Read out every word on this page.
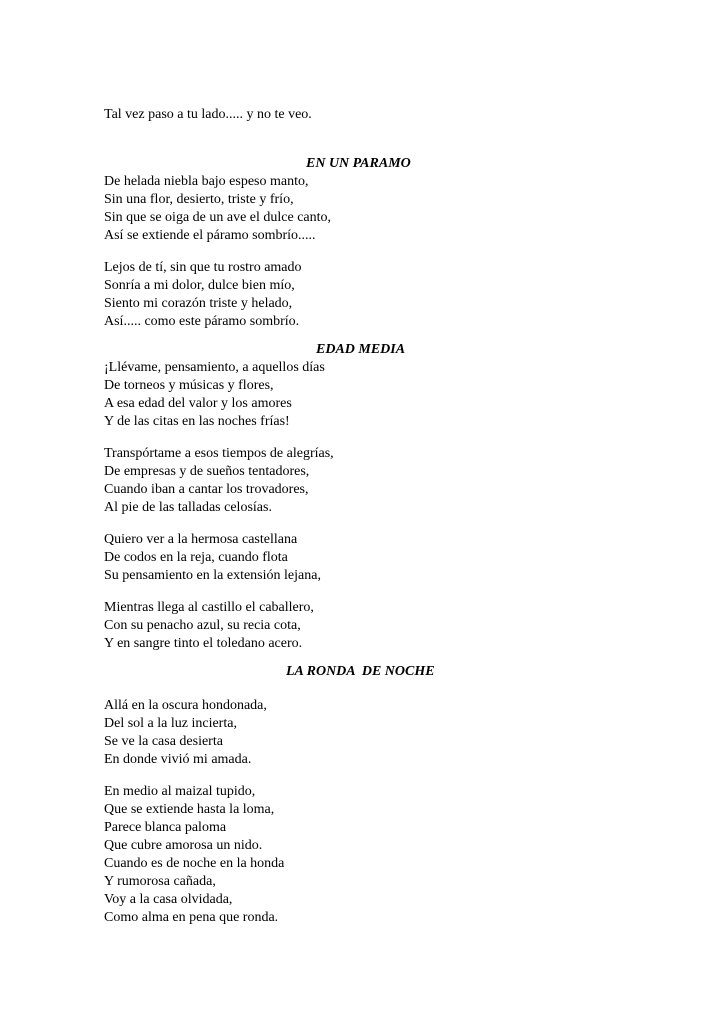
Tal vez paso a tu lado..... y no te veo.

EN UN PARAMO

De helada niebla bajo espeso manto,

Sin una flor, desierto, triste y frío,

Sin que se oiga de un ave el dulce canto,

Así se extiende el páramo sombrío.....

Lejos de tí, sin que tu rostro amado

Sonría a mi dolor, dulce bien mío,

Siento mi corazón triste y helado,

Así..... como este páramo sombrío.

EDAD MEDIA

¡Llévame, pensamiento, a aquellos días

De torneos y músicas y flores,

A esa edad del valor y los amores

Y de las citas en las noches frías!

Transpórtame a esos tiempos de alegrías,

De empresas y de sueños tentadores,

Cuando iban a cantar los trovadores,

Al pie de las talladas celosías.

Quiero ver a la hermosa castellana

De codos en la reja, cuando flota

Su pensamiento en la extensión lejana,

Mientras llega al castillo el caballero,

Con su penacho azul, su recia cota,

Y en sangre tinto el toledano acero.

LA RONDA  DE NOCHE

Allá en la oscura hondonada,

Del sol a la luz incierta,

Se ve la casa desierta

En donde vivió mi amada.

En medio al maizal tupido,

Que se extiende hasta la loma,

Parece blanca paloma

Que cubre amorosa un nido.

Cuando es de noche en la honda

Y rumorosa cañada,

Voy a la casa olvidada,

Como alma en pena que ronda.
